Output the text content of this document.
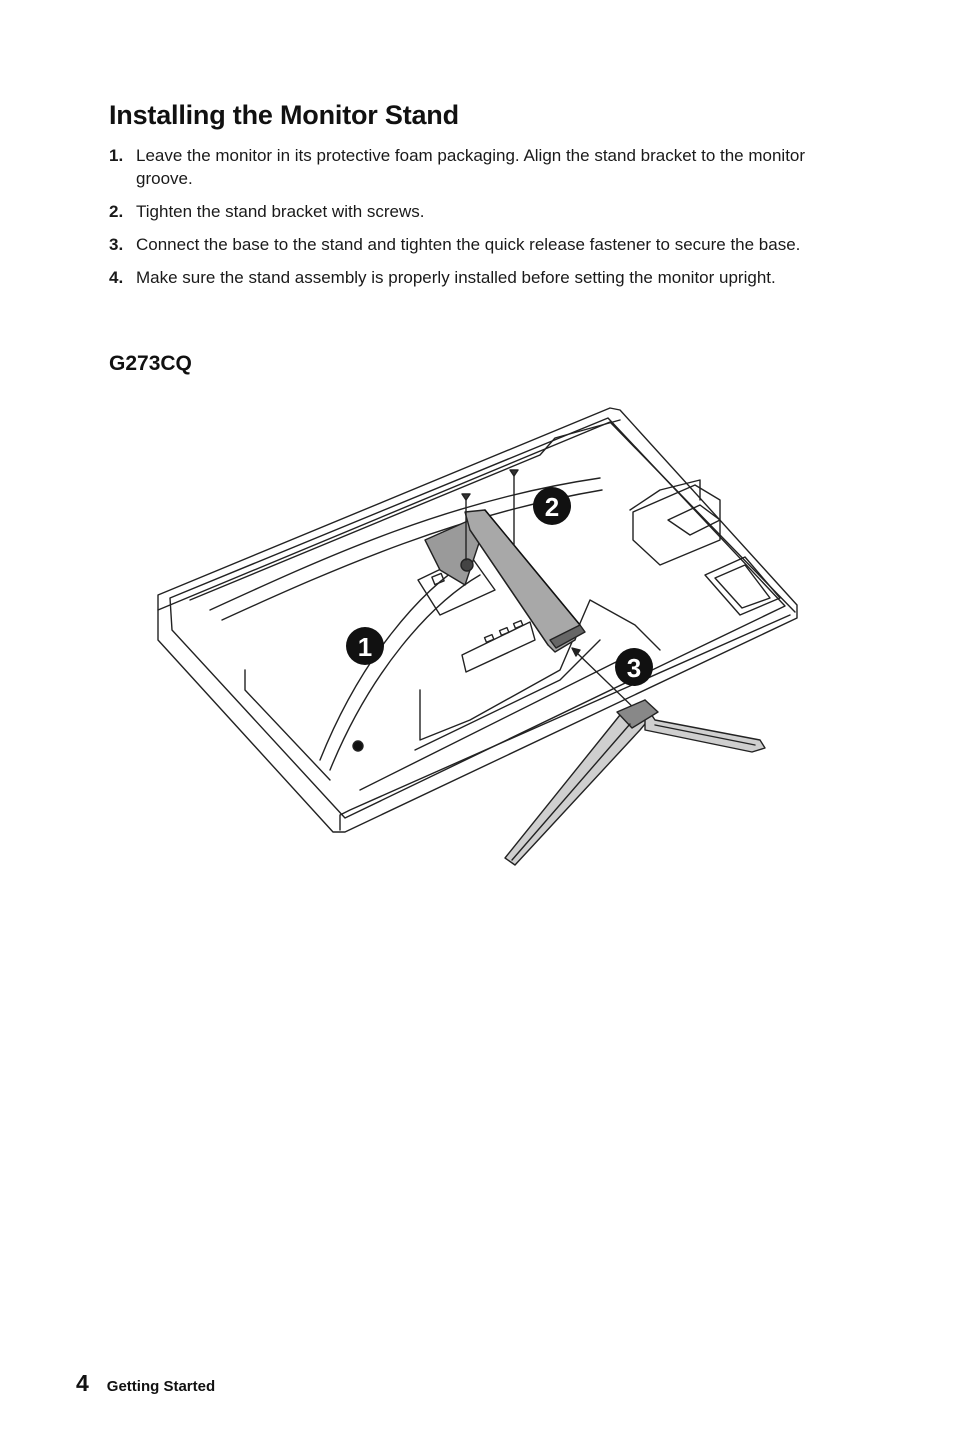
Installing the Monitor Stand
1. Leave the monitor in its protective foam packaging. Align the stand bracket to the monitor groove.
2. Tighten the stand bracket with screws.
3. Connect the base to the stand and tighten the quick release fastener to secure the base.
4. Make sure the stand assembly is properly installed before setting the monitor upright.
G273CQ
1
2
3
4 Getting Started
